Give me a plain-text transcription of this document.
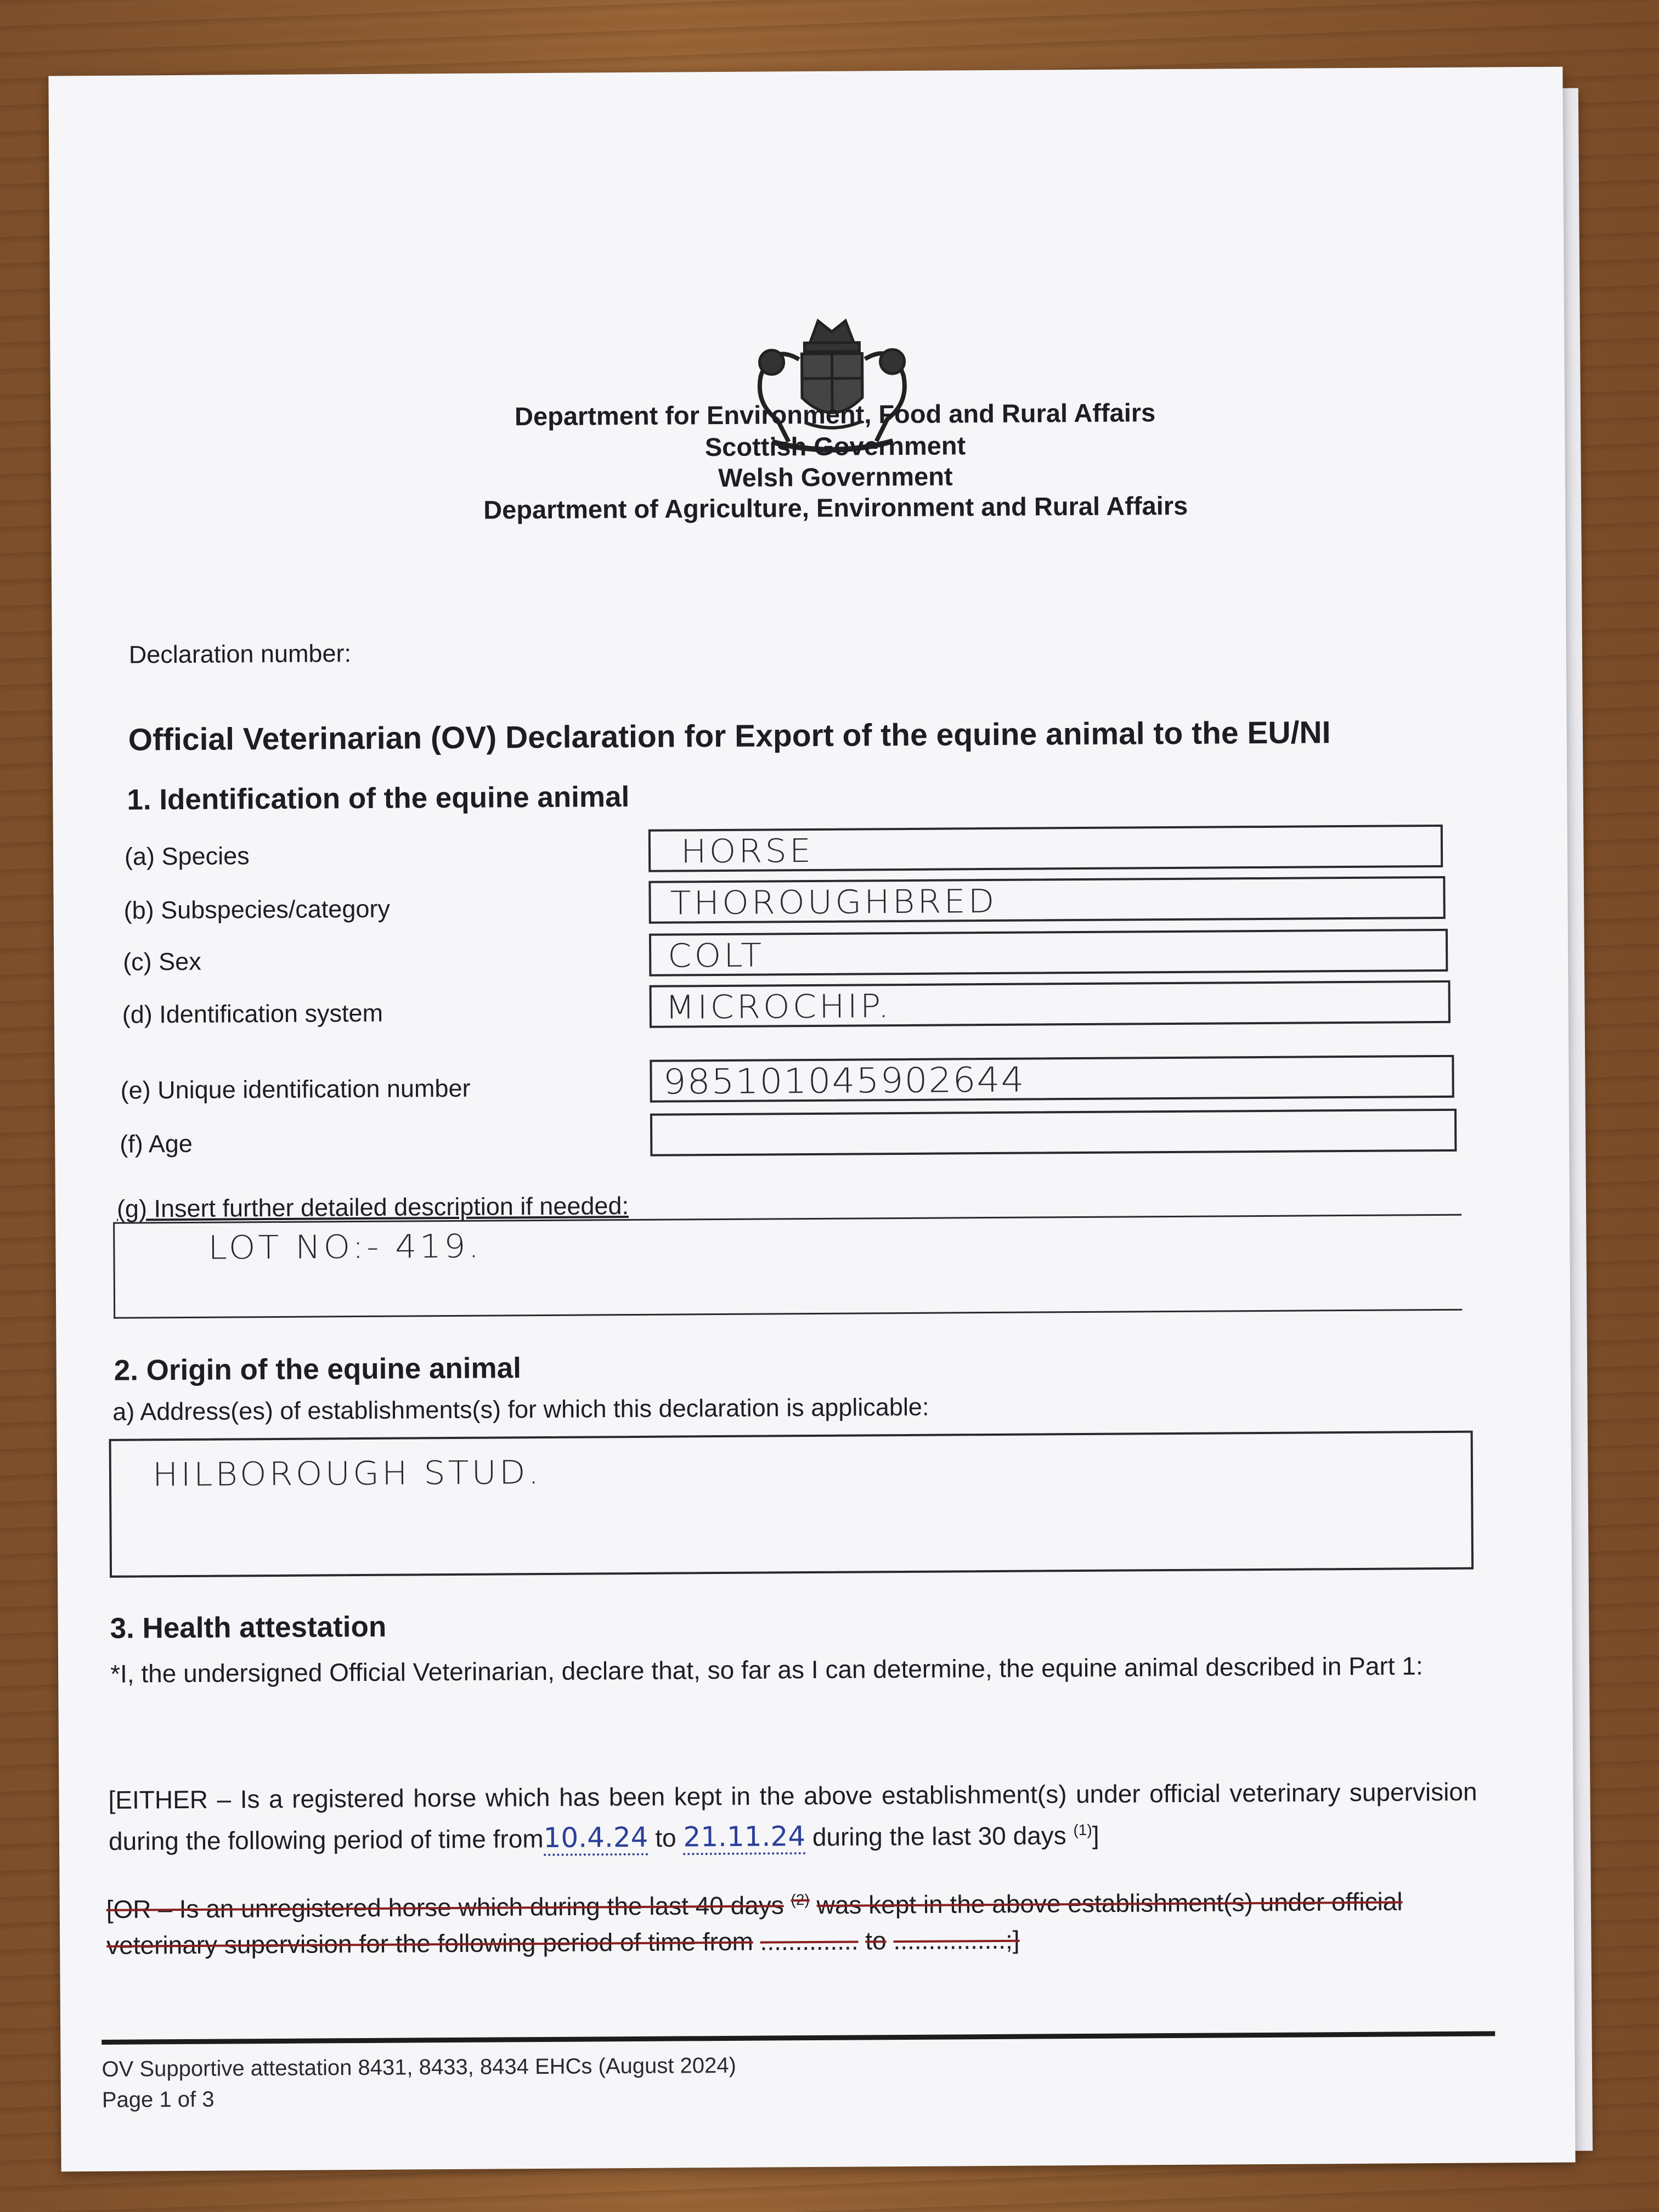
Department for Environment, Food and Rural Affairs
Scottish Government
Welsh Government
Department of Agriculture, Environment and Rural Affairs
Declaration number:
Official Veterinarian (OV) Declaration for Export of the equine animal to the EU/NI
1. Identification of the equine animal
(a) Species	HORSE
(b) Subspecies/category	THOROUGHBRED
(c) Sex	COLT
(d) Identification system	MICROCHIP.
(e) Unique identification number	985101045902644
(f) Age
(g) Insert further detailed description if needed:
LOT NO:- 419.
2. Origin of the equine animal
a) Address(es) of establishments(s) for which this declaration is applicable:
HILBOROUGH STUD.
3. Health attestation
*I, the undersigned Official Veterinarian, declare that, so far as I can determine, the equine animal described in Part 1:
[EITHER – Is a registered horse which has been kept in the above establishment(s) under official veterinary supervision during the following period of time from10.4.24 to 21.11.24 during the last 30 days $^{(1)}$]
[OR – Is an unregistered horse which during the last 40 days $^{(2)}$ was kept in the above establishment(s) under official veterinary supervision for the following period of time from .............. to ................;]
OV Supportive attestation 8431, 8433, 8434 EHCs (August 2024)
Page 1 of 3
